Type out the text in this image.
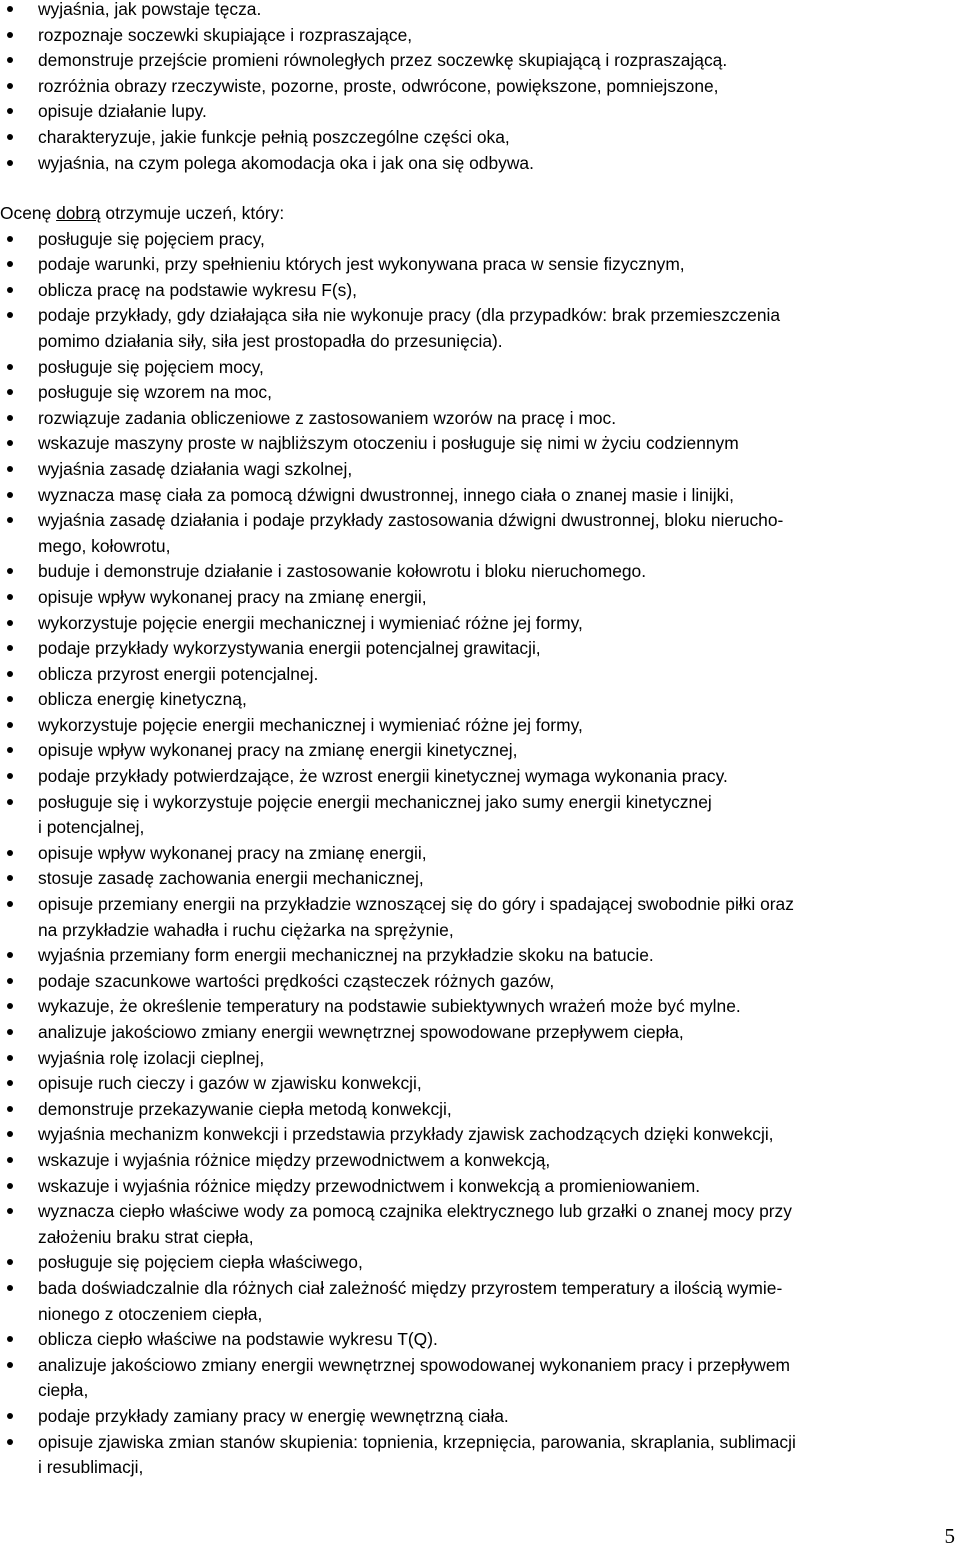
wyjaśnia, jak powstaje tęcza.
rozpoznaje soczewki skupiające i rozpraszające,
demonstruje przejście promieni równoległych przez soczewkę skupiającą i rozpraszającą.
rozróżnia obrazy rzeczywiste, pozorne, proste, odwrócone, powiększone, pomniejszone,
opisuje działanie lupy.
charakteryzuje, jakie funkcje pełnią poszczególne części oka,
wyjaśnia, na czym polega akomodacja oka i jak ona się odbywa.
Ocenę dobrą otrzymuje uczeń, który:
posługuje się pojęciem pracy,
podaje warunki, przy spełnieniu których jest wykonywana praca w sensie fizycznym,
oblicza pracę na podstawie wykresu F(s),
podaje przykłady, gdy działająca siła nie wykonuje pracy (dla przypadków: brak przemieszczenia
pomimo działania siły, siła jest prostopadła do przesunięcia).
posługuje się pojęciem mocy,
posługuje się wzorem na moc,
rozwiązuje zadania obliczeniowe z zastosowaniem wzorów na pracę i moc.
wskazuje maszyny proste w najbliższym otoczeniu i posługuje się nimi w życiu codziennym
wyjaśnia zasadę działania wagi szkolnej,
wyznacza masę ciała za pomocą dźwigni dwustronnej, innego ciała o znanej masie i linijki,
wyjaśnia zasadę działania i podaje przykłady zastosowania dźwigni dwustronnej, bloku nierucho-
mego, kołowrotu,
buduje i demonstruje działanie i zastosowanie kołowrotu i bloku nieruchomego.
opisuje wpływ wykonanej pracy na zmianę energii,
wykorzystuje pojęcie energii mechanicznej i wymieniać różne jej formy,
podaje przykłady wykorzystywania energii potencjalnej grawitacji,
oblicza przyrost energii potencjalnej.
oblicza energię kinetyczną,
wykorzystuje pojęcie energii mechanicznej i wymieniać różne jej formy,
opisuje wpływ wykonanej pracy na zmianę energii kinetycznej,
podaje przykłady potwierdzające, że wzrost energii kinetycznej wymaga wykonania pracy.
posługuje się i wykorzystuje pojęcie energii mechanicznej jako sumy energii kinetycznej
i potencjalnej,
opisuje wpływ wykonanej pracy na zmianę energii,
stosuje zasadę zachowania energii mechanicznej,
opisuje przemiany energii na przykładzie wznoszącej się do góry i spadającej swobodnie piłki oraz
na przykładzie wahadła i ruchu ciężarka na sprężynie,
wyjaśnia przemiany form energii mechanicznej na przykładzie skoku na batucie.
podaje szacunkowe wartości prędkości cząsteczek różnych gazów,
wykazuje, że określenie temperatury na podstawie subiektywnych wrażeń może być mylne.
analizuje jakościowo zmiany energii wewnętrznej spowodowane przepływem ciepła,
wyjaśnia rolę izolacji cieplnej,
opisuje ruch cieczy i gazów w zjawisku konwekcji,
demonstruje przekazywanie ciepła metodą konwekcji,
wyjaśnia mechanizm konwekcji i przedstawia przykłady zjawisk zachodzących dzięki konwekcji,
wskazuje i wyjaśnia różnice między przewodnictwem a konwekcją,
wskazuje i wyjaśnia różnice między przewodnictwem i konwekcją a promieniowaniem.
wyznacza ciepło właściwe wody za pomocą czajnika elektrycznego lub grzałki o znanej mocy przy
założeniu braku strat ciepła,
posługuje się pojęciem ciepła właściwego,
bada doświadczalnie dla różnych ciał zależność między przyrostem temperatury a ilością wymie-
nionego z otoczeniem ciepła,
oblicza ciepło właściwe na podstawie wykresu T(Q).
analizuje jakościowo zmiany energii wewnętrznej spowodowanej wykonaniem pracy i przepływem
ciepła,
podaje przykłady zamiany pracy w energię wewnętrzną ciała.
opisuje zjawiska zmian stanów skupienia: topnienia, krzepnięcia, parowania, skraplania, sublimacji
i resublimacji,
5
